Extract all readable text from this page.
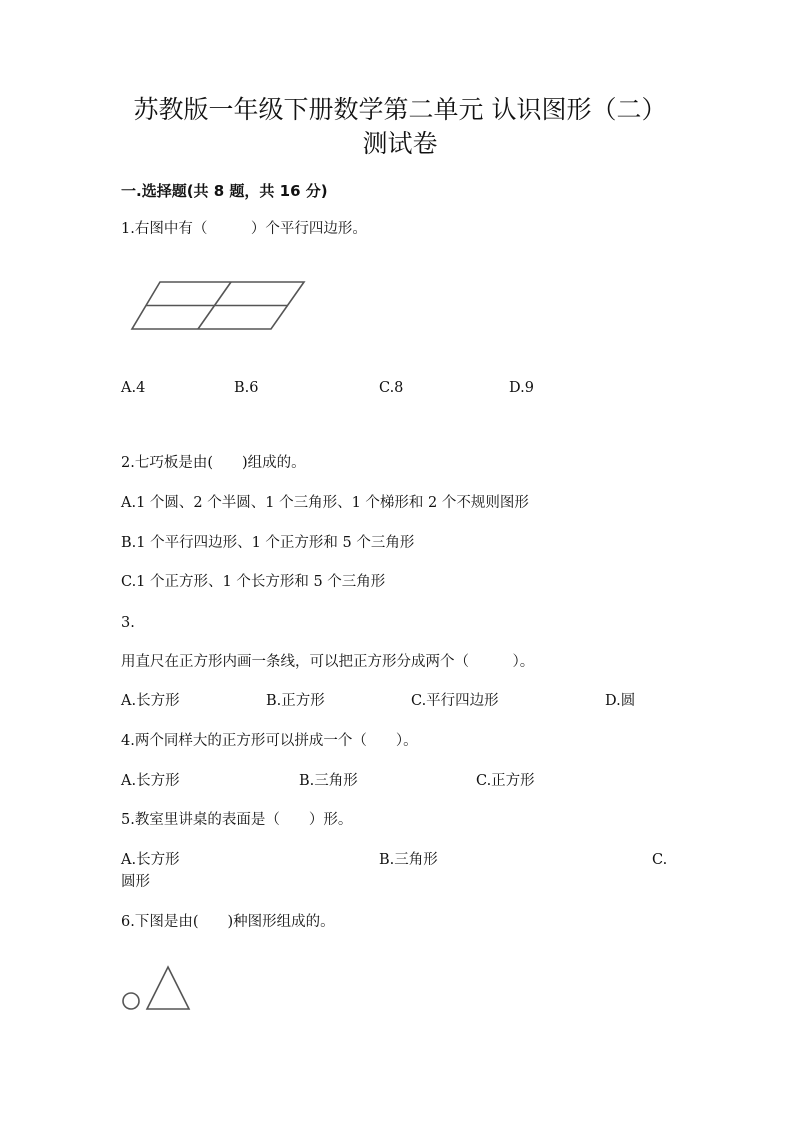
苏教版一年级下册数学第二单元 认识图形（二）
测试卷
一.选择题(共 8 题，共 16 分)
1.右图中有（　　　）个平行四边形。
A.4	B.6	C.8	D.9
2.七巧板是由(　　)组成的。
A.1 个圆、2 个半圆、1 个三角形、1 个梯形和 2 个不规则图形
B.1 个平行四边形、1 个正方形和 5 个三角形
C.1 个正方形、1 个长方形和 5 个三角形
3.
用直尺在正方形内画一条线，可以把正方形分成两个（　　　）。
A.长方形	B.正方形	C.平行四边形	D.圆
4.两个同样大的正方形可以拼成一个（　　）。
A.长方形	B.三角形	C.正方形
5.教室里讲桌的表面是（　　）形。
A.长方形	B.三角形	C.
圆形
6.下图是由(　　)种图形组成的。
